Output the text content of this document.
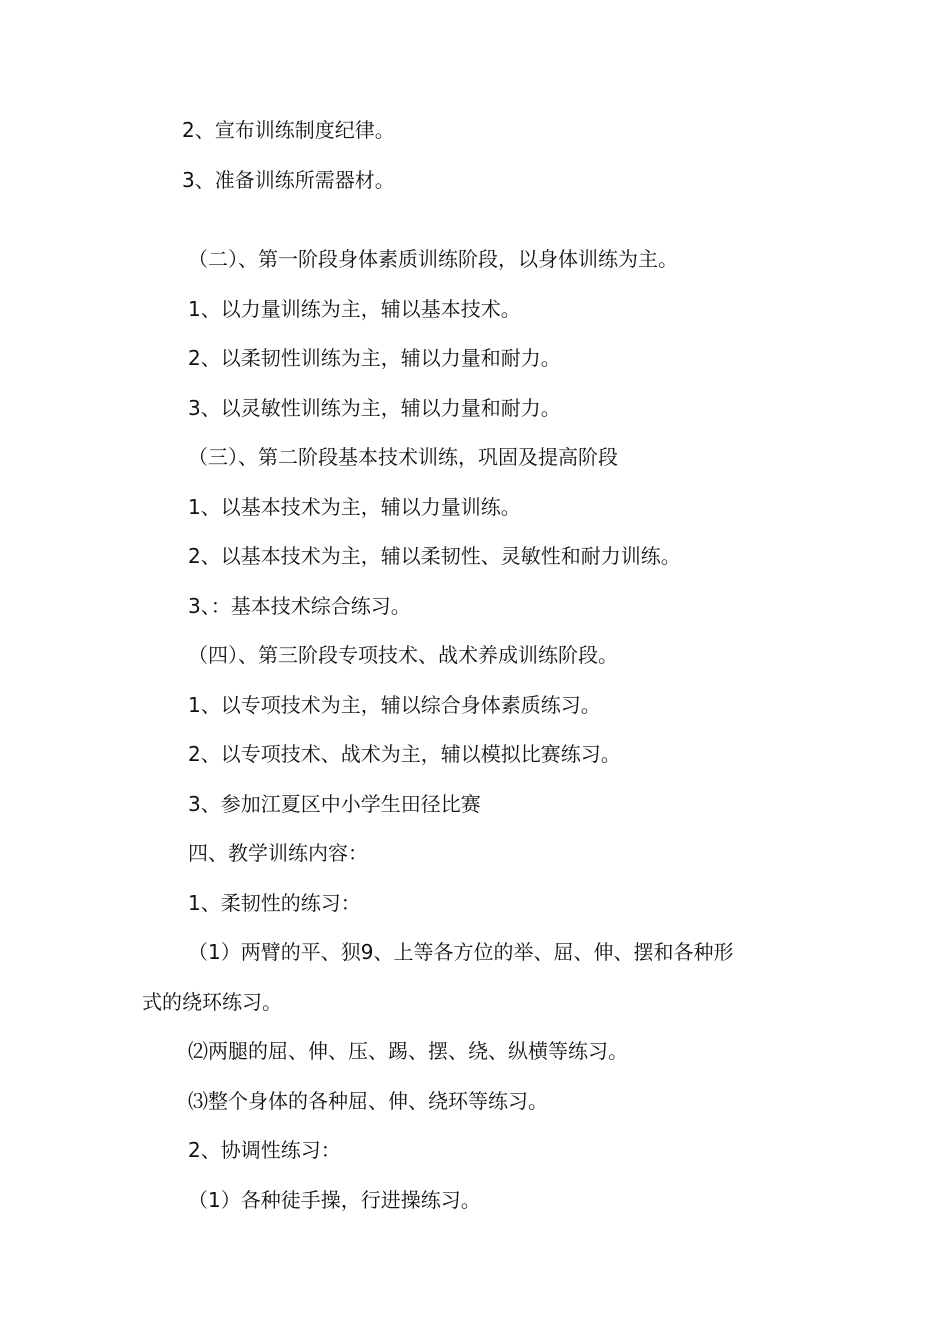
2、宣布训练制度纪律。
3、准备训练所需器材。
（二）、第一阶段身体素质训练阶段，以身体训练为主。
1、以力量训练为主，辅以基本技术。
2、以柔韧性训练为主，辅以力量和耐力。
3、以灵敏性训练为主，辅以力量和耐力。
（三）、第二阶段基本技术训练，巩固及提高阶段
1、以基本技术为主，辅以力量训练。
2、以基本技术为主，辅以柔韧性、灵敏性和耐力训练。
3、：基本技术综合练习。
（四）、第三阶段专项技术、战术养成训练阶段。
1、以专项技术为主，辅以综合身体素质练习。
2、以专项技术、战术为主，辅以模拟比赛练习。
3、参加江夏区中小学生田径比赛
四、教学训练内容：
1、柔韧性的练习：
（1）两臂的平、狈9、上等各方位的举、屈、伸、摆和各种形
式的绕环练习。
⑵两腿的屈、伸、压、踢、摆、绕、纵横等练习。
⑶整个身体的各种屈、伸、绕环等练习。
2、协调性练习：
（1）各种徒手操，行进操练习。
